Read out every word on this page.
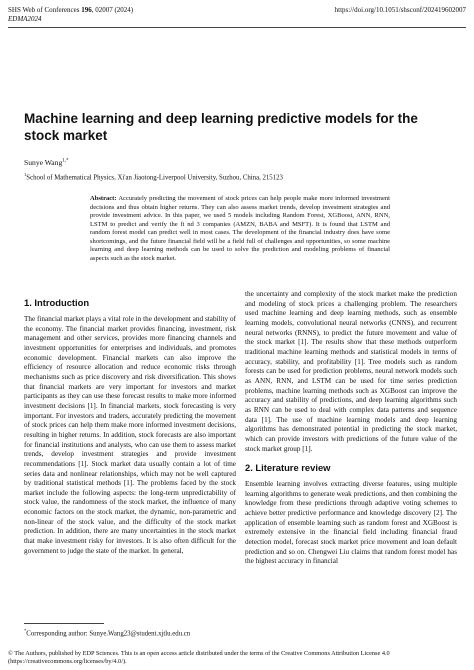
SHS Web of Conferences 196, 02007 (2024)
EDMA2024
https://doi.org/10.1051/shsconf/202419602007
Machine learning and deep learning predictive models for the stock market
Sunye Wang$^{1,*}$
$^1$School of Mathematical Physics, Xi'an Jiaotong-Liverpool University, Suzhou, China, 215123

Abstract: Accurately predicting the movement of stock prices can help people make more informed investment decisions and thus obtain higher returns. They can also assess market trends, develop investment strategies and provide investment advice. In this paper, we used 5 models including Random Forest, XGBoost, ANN, RNN, LSTM to predict and verify the fi nd 3 companies (AMZN, BABA and MSFT). It is found that LSTM and random forest model can predict well in most cases. The development of the financial industry does have some shortcomings, and the future financial field will be a field full of challenges and opportunities, so some machine learning and deep learning methods can be used to solve the prediction and modeling problems of financial aspects such as the stock market.

1. Introduction

The financial market plays a vital role in the development and stability of the economy. The financial market provides financing, investment, risk management and other services, provides more financing channels and investment opportunities for enterprises and individuals, and promotes economic development. Financial markets can also improve the efficiency of resource allocation and reduce economic risks through mechanisms such as price discovery and risk diversification. This shows that financial markets are very important for investors and market participants as they can use these forecast results to make more informed investment decisions [1]. In financial markets, stock forecasting is very important. For investors and traders, accurately predicting the movement of stock prices can help them make more informed investment decisions, resulting in higher returns. In addition, stock forecasts are also important for financial institutions and analysts, who can use them to assess market trends, develop investment strategies and provide investment recommendations [1]. Stock market data usually contain a lot of time series data and nonlinear relationships, which may not be well captured by traditional statistical methods [1]. The problems faced by the stock market include the following aspects: the long-term unpredictability of stock value, the randomness of the stock market, the influence of many economic factors on the stock market, the dynamic, non-parametric and non-linear of the stock value, and the difficulty of the stock market prediction. In addition, there are many uncertainties in the stock market that make investment risky for investors. It is also often difficult for the government to judge the state of the market. In general,

the uncertainty and complexity of the stock market make the prediction and modeling of stock prices a challenging problem. The researchers used machine learning and deep learning methods, such as ensemble learning models, convolutional neural networks (CNNS), and recurrent neural networks (RNNS), to predict the future movement and value of the stock market [1]. The results show that these methods outperform traditional machine learning methods and statistical models in terms of accuracy, stability, and profitability [1]. Tree models such as random forests can be used for prediction problems, neural network models such as ANN, RNN, and LSTM can be used for time series prediction problems, machine learning methods such as XGBoost can improve the accuracy and stability of predictions, and deep learning algorithms such as RNN can be used to deal with complex data patterns and sequence data [1]. The use of machine learning models and deep learning algorithms has demonstrated potential in predicting the stock market, which can provide investors with predictions of the future value of the stock market group [1].

2. Literature review

Ensemble learning involves extracting diverse features, using multiple learning algorithms to generate weak predictions, and then combining the knowledge from these predictions through adaptive voting schemes to achieve better predictive performance and knowledge discovery [2]. The application of ensemble learning such as random forest and XGBoost is extremely extensive in the financial field including financial fraud detection model, forecast stock market price movement and loan default prediction and so on. Chengwei Liu claims that random forest model has the highest accuracy in financial

*Corresponding author: Sunye.Wang23@student.xjtlu.edu.cn
© The Authors, published by EDP Sciences. This is an open access article distributed under the terms of the Creative Commons Attribution License 4.0
(https://creativecommons.org/licenses/by/4.0/).
